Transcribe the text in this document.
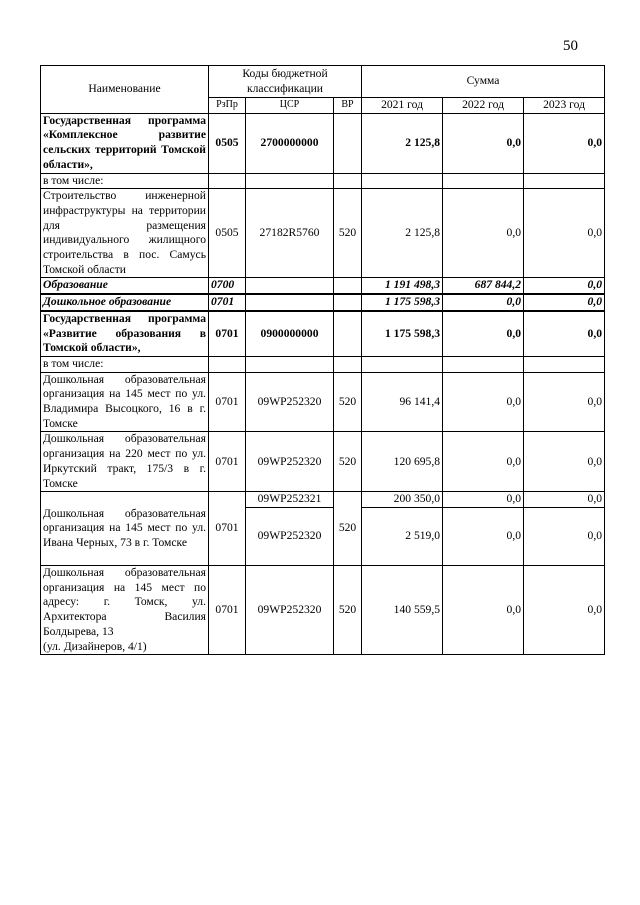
50
Наименование	Коды бюджетной классификации			Сумма		
	РзПр	ЦСР	ВР	2021 год	2022 год	2023 год
Государственная программа «Комплексное развитие сельских территорий Томской области»,	0505	2700000000		2 125,8	0,0	0,0
в том числе:						
Строительство инженерной инфраструктуры на территории для размещения индивидуального жилищного строительства в пос. Самусь Томской области	0505	27182R5760	520	2 125,8	0,0	0,0
Образование	0700			1 191 498,3	687 844,2	0,0
Дошкольное образование	0701			1 175 598,3	0,0	0,0
Государственная программа «Развитие образования в Томской области»,	0701	0900000000		1 175 598,3	0,0	0,0
в том числе:						
Дошкольная образовательная организация на 145 мест по ул. Владимира Высоцкого, 16 в г. Томске	0701	09WP252320	520	96 141,4	0,0	0,0
Дошкольная образовательная организация на 220 мест по ул. Иркутский тракт, 175/3 в г. Томске	0701	09WP252320	520	120 695,8	0,0	0,0
Дошкольная образовательная организация на 145 мест по ул. Ивана Черных, 73 в г. Томске	0701	09WP252321	520	200 350,0	0,0	0,0
		09WP252320		2 519,0	0,0	0,0
Дошкольная образовательная организация на 145 мест по адресу: г. Томск, ул. Архитектора Василия Болдырева, 13
(ул. Дизайнеров, 4/1)	0701	09WP252320	520	140 559,5	0,0	0,0
